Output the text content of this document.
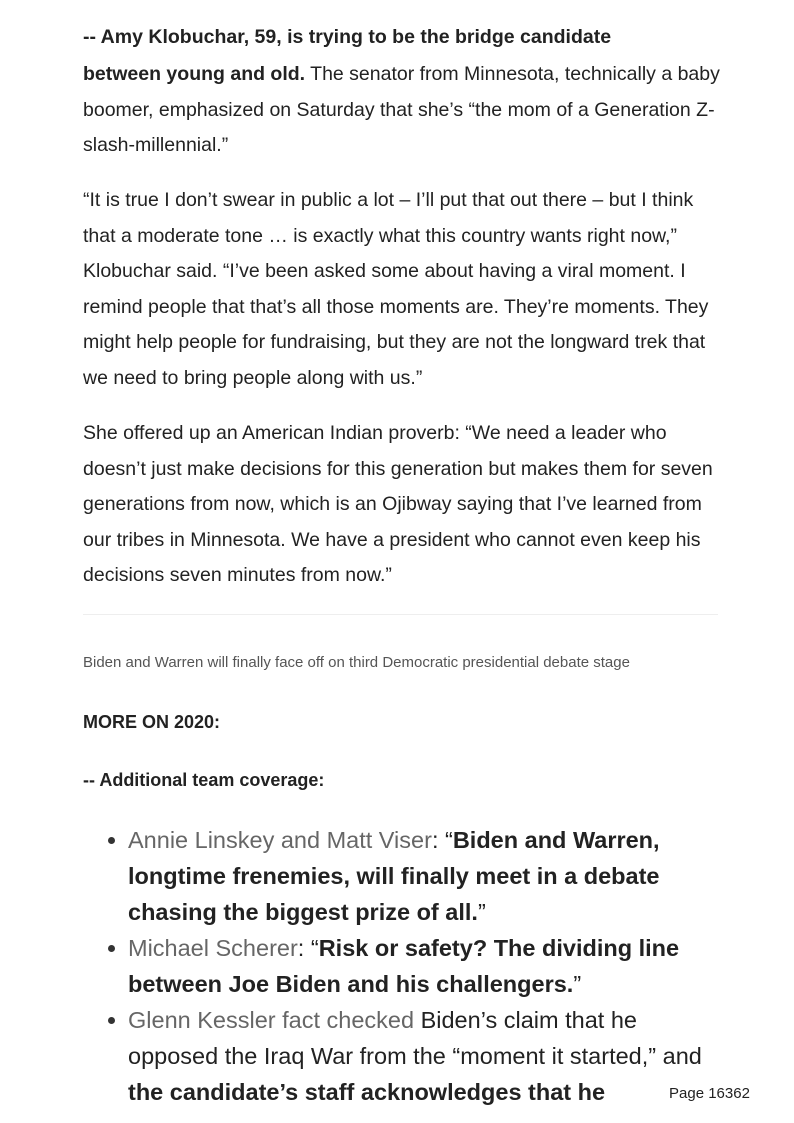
-- Amy Klobuchar, 59, is trying to be the bridge candidate

between young and old. The senator from Minnesota, technically a baby boomer, emphasized on Saturday that she’s “the mom of a Generation Z-slash-millennial.”

“It is true I don’t swear in public a lot – I’ll put that out there – but I think that a moderate tone … is exactly what this country wants right now,” Klobuchar said. “I’ve been asked some about having a viral moment. I remind people that that’s all those moments are. They’re moments. They might help people for fundraising, but they are not the longward trek that we need to bring people along with us.”

She offered up an American Indian proverb: “We need a leader who doesn’t just make decisions for this generation but makes them for seven generations from now, which is an Ojibway saying that I’ve learned from our tribes in Minnesota. We have a president who cannot even keep his decisions seven minutes from now.”

Biden and Warren will finally face off on third Democratic presidential debate stage

MORE ON 2020:

-- Additional team coverage:

Annie Linskey and Matt Viser: “Biden and Warren, longtime frenemies, will finally meet in a debate chasing the biggest prize of all.”
Michael Scherer: “Risk or safety? The dividing line between Joe Biden and his challengers.”
Glenn Kessler fact checked Biden’s claim that he opposed the Iraq War from the “moment it started,” and the candidate’s staff acknowledges that he	Page 16362
